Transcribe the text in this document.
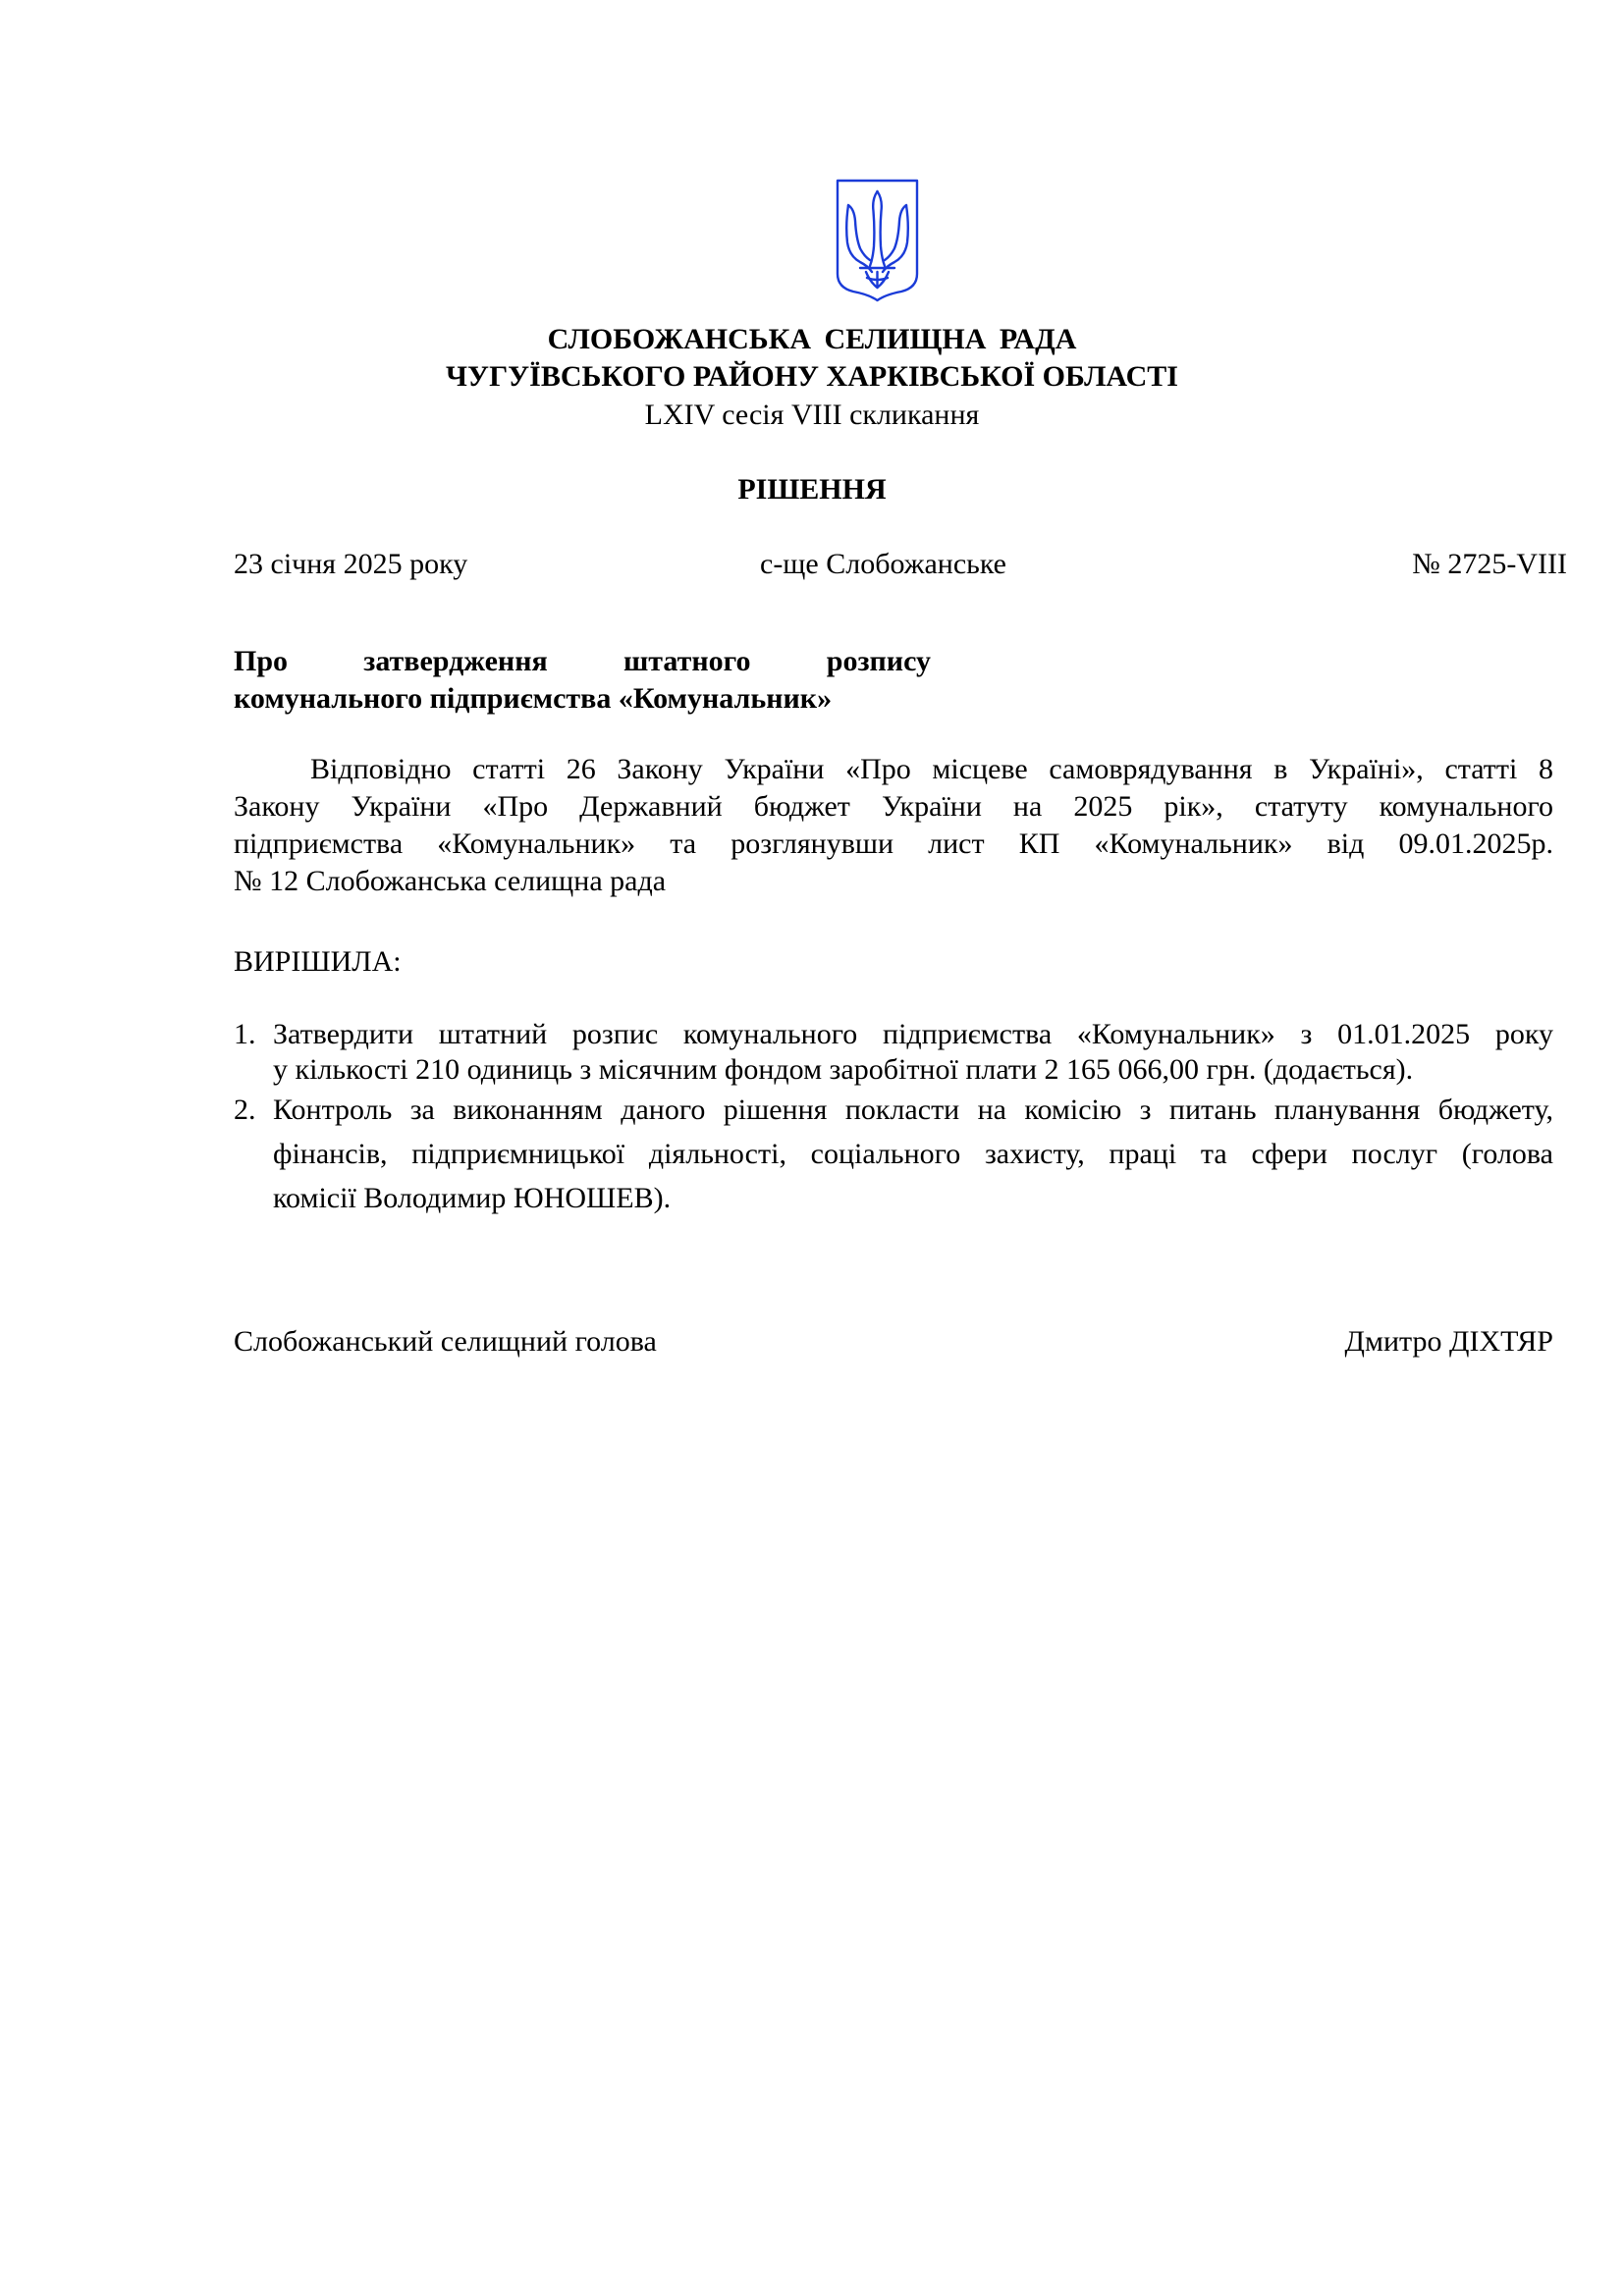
СЛОБОЖАНСЬКА СЕЛИЩНА РАДА
ЧУГУЇВСЬКОГО РАЙОНУ ХАРКІВСЬКОЇ ОБЛАСТІ
LXIV сесія VIII скликання
РІШЕННЯ
23 січня 2025 року	с-ще Слобожанське	№ 2725-VIII
Про затвердження штатного розпису
комунального підприємства «Комунальник»
Відповідно статті 26 Закону України «Про місцеве самоврядування в Україні», статті 8
Закону України «Про Державний бюджет України на 2025 рік», статуту комунального
підприємства «Комунальник» та розглянувши лист КП «Комунальник» від 09.01.2025р.
№ 12 Слобожанська селищна рада
ВИРІШИЛА:
1. Затвердити штатний розпис комунального підприємства «Комунальник» з 01.01.2025 року
у кількості 210 одиниць з місячним фондом заробітної плати 2 165 066,00 грн. (додається).
2. Контроль за виконанням даного рішення покласти на комісію з питань планування бюджету,
фінансів, підприємницької діяльності, соціального захисту, праці та сфери послуг (голова
комісії Володимир ЮНОШЕВ).
Слобожанський селищний голова	Дмитро ДІХТЯР
